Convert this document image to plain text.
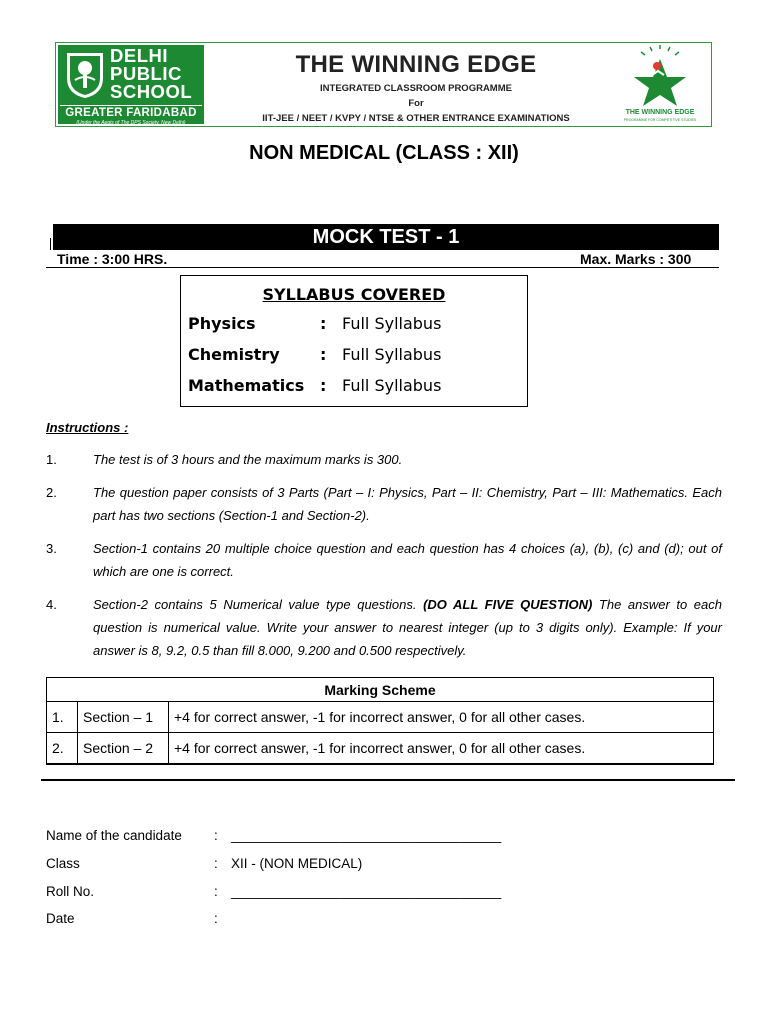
DELHI
PUBLIC
SCHOOL
GREATER FARIDABAD
(Under the Aegis of The DPS Society, New Delhi)
THE WINNING EDGE
INTEGRATED CLASSROOM PROGRAMME
For
IIT-JEE / NEET / KVPY / NTSE & OTHER ENTRANCE EXAMINATIONS
THE WINNING EDGE
PROGRAMME FOR COMPETITIVE STUDIES
NON MEDICAL (CLASS : XII)
MOCK TEST - 1
Time : 3:00 HRS.	Max. Marks : 300
SYLLABUS COVERED
Physics	: Full Syllabus
Chemistry	: Full Syllabus
Mathematics : Full Syllabus
Instructions :
1.	The test is of 3 hours and the maximum marks is 300.
2.	The question paper consists of 3 Parts (Part – I: Physics, Part – II: Chemistry, Part – III: Mathematics. Each part has two sections (Section-1 and Section-2).
3.	Section-1 contains 20 multiple choice question and each question has 4 choices (a), (b), (c) and (d); out of which are one is correct.
4.	Section-2 contains 5 Numerical value type questions. (DO ALL FIVE QUESTION) The answer to each question is numerical value. Write your answer to nearest integer (up to 3 digits only). Example: If your answer is 8, 9.2, 0.5 than fill 8.000, 9.200 and 0.500 respectively.
Marking Scheme		
1.	Section – 1	+4 for correct answer, -1 for incorrect answer, 0 for all other cases.
2.	Section – 2	+4 for correct answer, -1 for incorrect answer, 0 for all other cases.
Name of the candidate	: ____________________________________
Class	: XII - (NON MEDICAL)
Roll No.	: ____________________________________
Date	:
